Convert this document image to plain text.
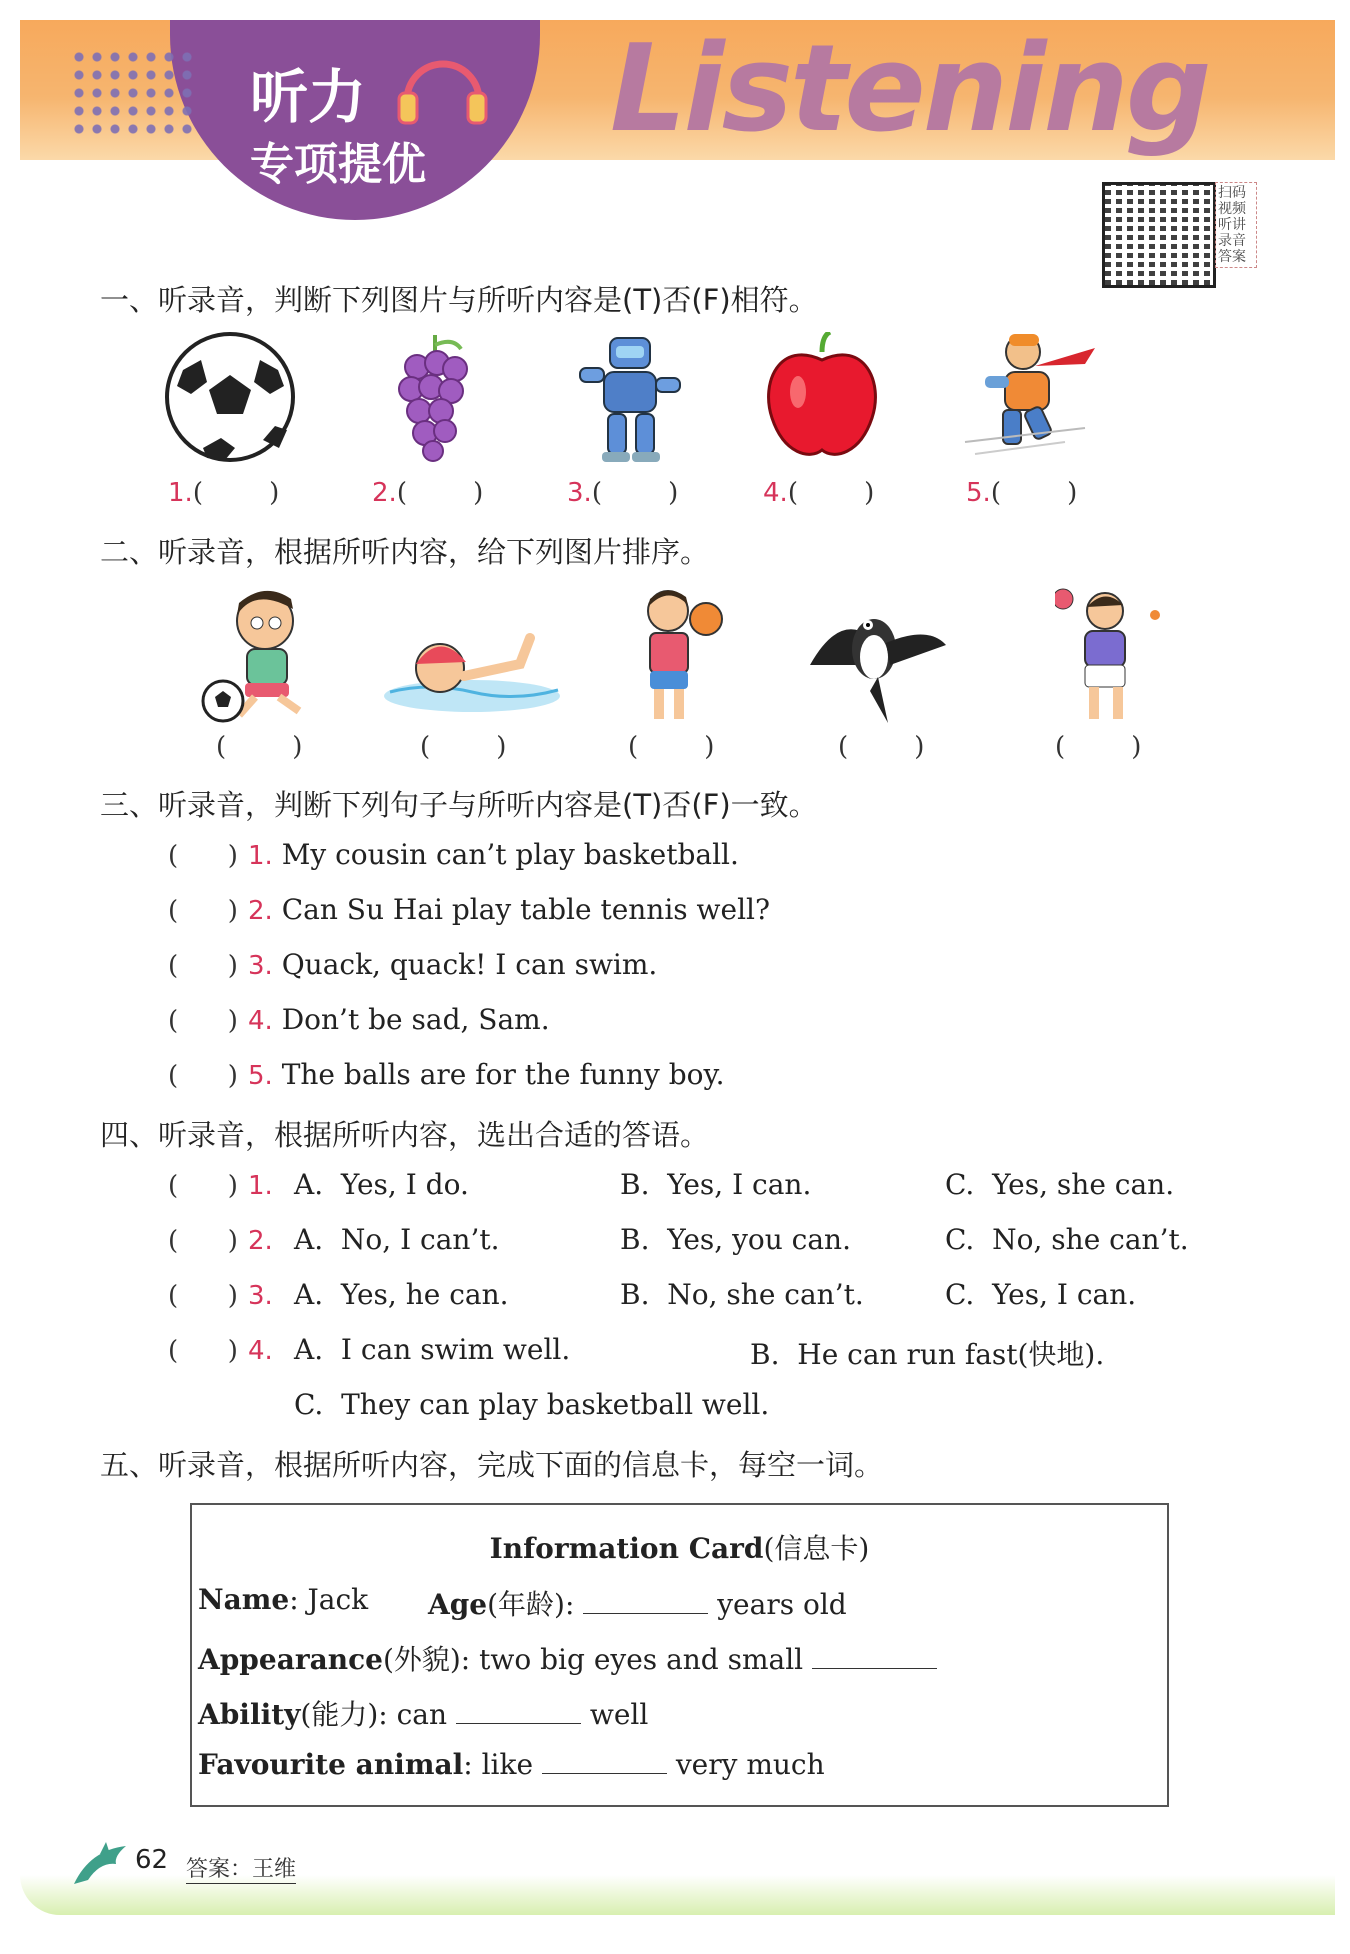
听力
专项提优
Listening
扫码 视频 听讲 录音 答案
一、听录音，判断下列图片与所听内容是(T)否(F)相符。
1.(        )	2.(        )	3.(        )	4.(        )	5.(        )
二、听录音，根据所听内容，给下列图片排序。
(        )	(        )	(        )	(        )	(        )
三、听录音，判断下列句子与所听内容是(T)否(F)一致。
(      ) 1. My cousin can’t play basketball.
(      ) 2. Can Su Hai play table tennis well?
(      ) 3. Quack, quack! I can swim.
(      ) 4. Don’t be sad, Sam.
(      ) 5. The balls are for the funny boy.
四、听录音，根据所听内容，选出合适的答语。
(      ) 1. A.  Yes, I do.	B.  Yes, I can.	C.  Yes, she can.
(      ) 2. A.  No, I can’t.	B.  Yes, you can.	C.  No, she can’t.
(      ) 3. A.  Yes, he can.	B.  No, she can’t.	C.  Yes, I can.
(      ) 4. A.  I can swim well.	B.  He can run fast(快地).
C.  They can play basketball well.
五、听录音，根据所听内容，完成下面的信息卡，每空一词。
Information Card(信息卡)
Name: Jack Age(年龄):	years old
Appearance(外貌): two big eyes and small
Ability(能力): can	well
Favourite animal: like	very much
62 答案：王维
